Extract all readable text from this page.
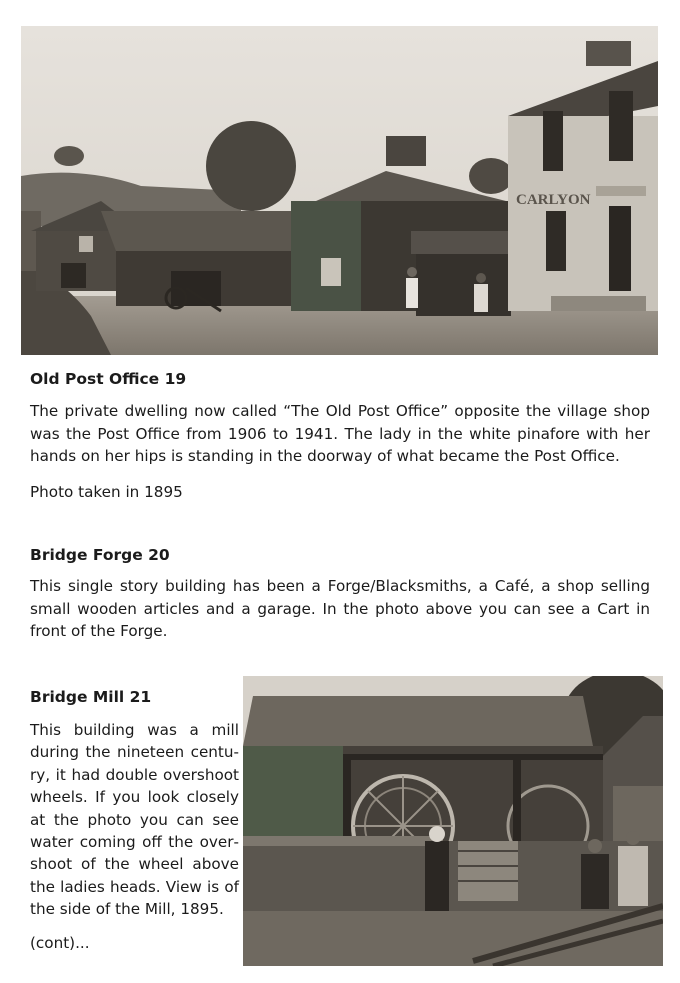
CARLYON
Old Post Office 19

The private dwelling now called “The Old Post Office” opposite the village shop was the Post Office from 1906 to 1941. The lady in the white pinafore with her hands on her hips is standing in the doorway of what became the Post Office.

Photo taken in 1895
Bridge Forge 20

This single story building has been a Forge/Blacksmiths, a Café, a shop selling small wooden articles and a garage. In the photo above you can see a Cart in front of the Forge.

Bridge Mill 21

This building was a mill during the nineteen century, it had double overshoot wheels. If you look closely at the photo you can see water coming off the overshoot of the wheel above the ladies heads. View is of the side of the Mill, 1895.

(cont)...
